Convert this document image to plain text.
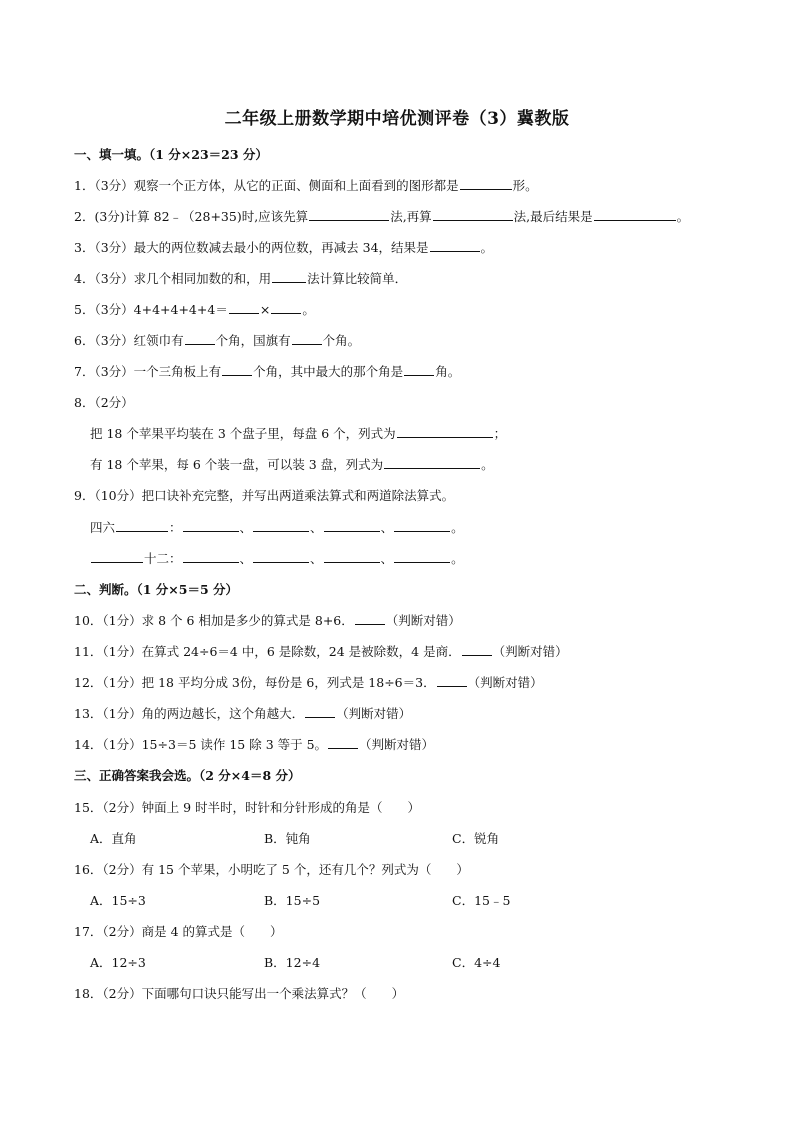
二年级上册数学期中培优测评卷（3）冀教版
一、填一填。（1 分×23＝23 分）
1．（3分）观察一个正方体，从它的正面、侧面和上面看到的图形都是	形。
2．(3分)计算 82﹣（28+35)时,应该先算	法,再算	法,最后结果是	。
3．（3分）最大的两位数减去最小的两位数，再减去 34，结果是	。
4．（3分）求几个相同加数的和，用	法计算比较简单．
5．（3分）4+4+4+4+4＝	×	。
6．（3分）红领巾有	个角，国旗有	个角。
7．（3分）一个三角板上有	个角，其中最大的那个角是	角。
8．（2分）
把 18 个苹果平均装在 3 个盘子里，每盘 6 个，列式为	；
有 18 个苹果，每 6 个装一盘，可以装 3 盘，列式为	。
9．（10分）把口诀补充完整，并写出两道乘法算式和两道除法算式。
四六	：	、	、	、	。
十二：	、	、	、	。
二、判断。（1 分×5＝5 分）
10．（1分）求 8 个 6 相加是多少的算式是 8+6．	（判断对错）
11．（1分）在算式 24÷6＝4 中，6 是除数，24 是被除数，4 是商．	（判断对错）
12．（1分）把 18 平均分成 3份，每份是 6，列式是 18÷6＝3．	（判断对错）
13．（1分）角的两边越长，这个角越大．	（判断对错）
14．（1分）15÷3＝5 读作 15 除 3 等于 5。	（判断对错）
三、正确答案我会选。（2 分×4＝8 分）
15．（2分）钟面上 9 时半时，时针和分针形成的角是（　　）
A．直角	B．钝角	C．锐角
16．（2分）有 15 个苹果，小明吃了 5 个，还有几个？列式为（　　）
A．15÷3	B．15÷5	C．15﹣5
17．（2分）商是 4 的算式是（　　）
A．12÷3	B．12÷4	C．4÷4
18．（2分）下面哪句口诀只能写出一个乘法算式？（　　）
